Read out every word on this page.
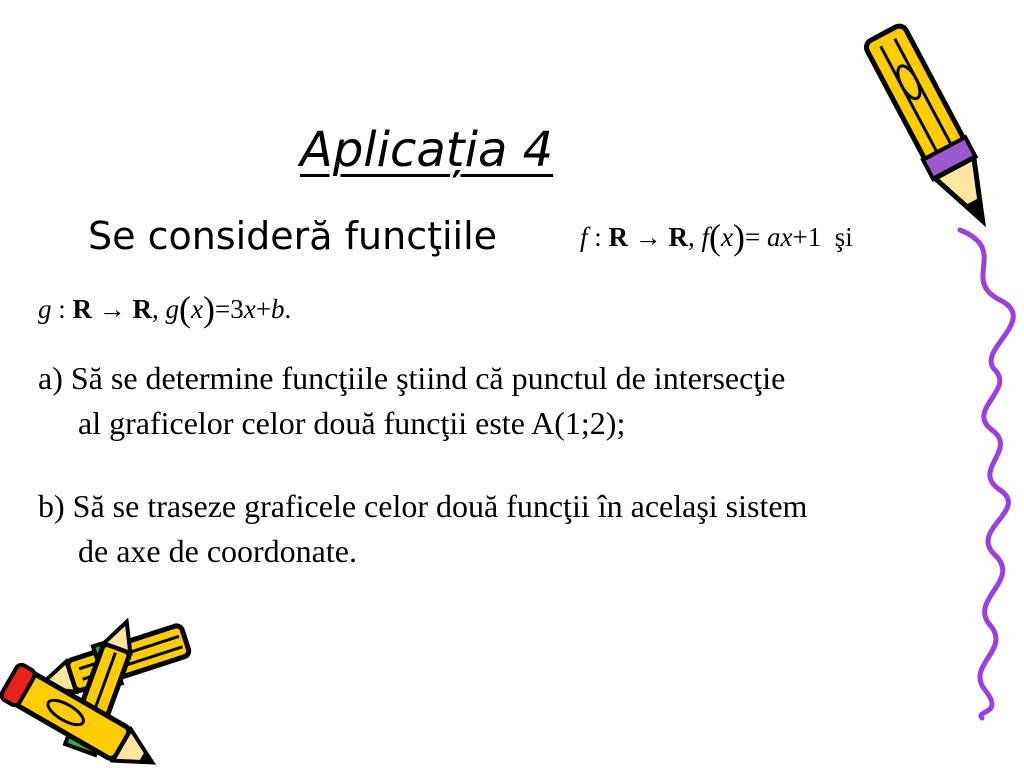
Aplicația 4
Se consideră funcţiile	f : R → R, f(x)= ax+1 şi
g : R → R, g(x)=3x+b.
a) Să se determine funcţiile ştiind că punctul de intersecţie
al graficelor celor două funcţii este A(1;2);
b) Să se traseze graficele celor două funcţii în acelaşi sistem
de axe de coordonate.
